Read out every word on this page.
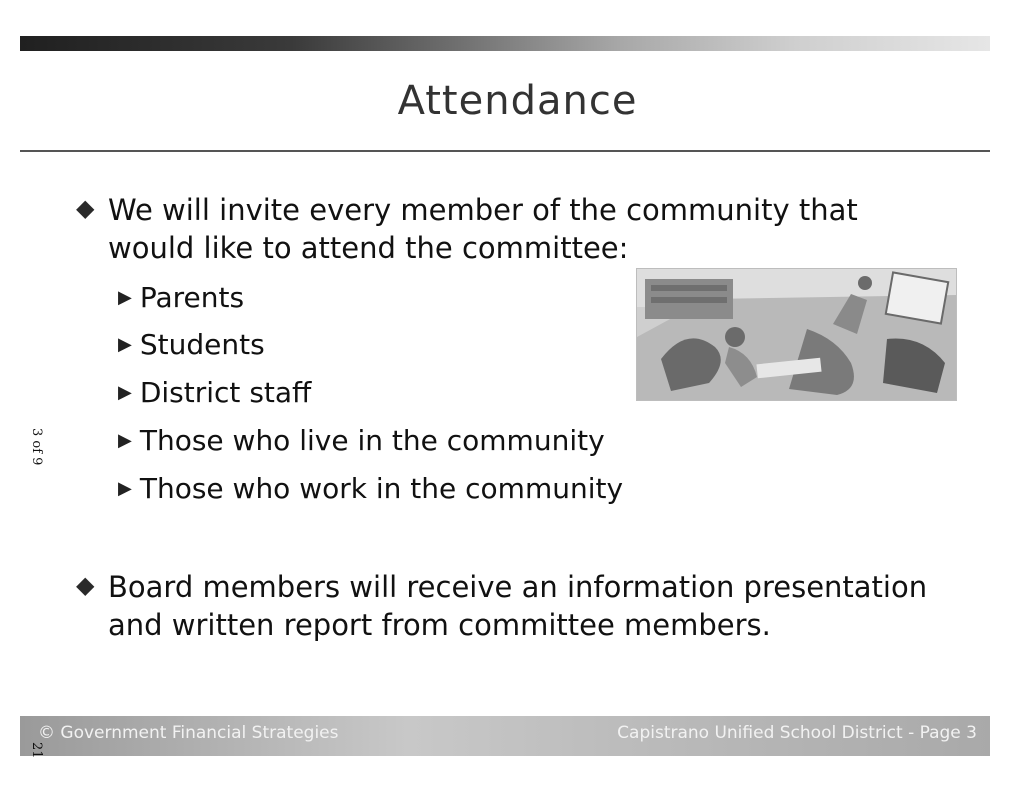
Attendance
◆ We will invite every member of the community that would like to attend the committee:
▶ Parents
▶ Students
▶ District staff
▶ Those who live in the community
▶ Those who work in the community
◆ Board members will receive an information presentation and written report from committee members.
3 of 9
© Government Financial Strategies	Capistrano Unified School District - Page 3
21
